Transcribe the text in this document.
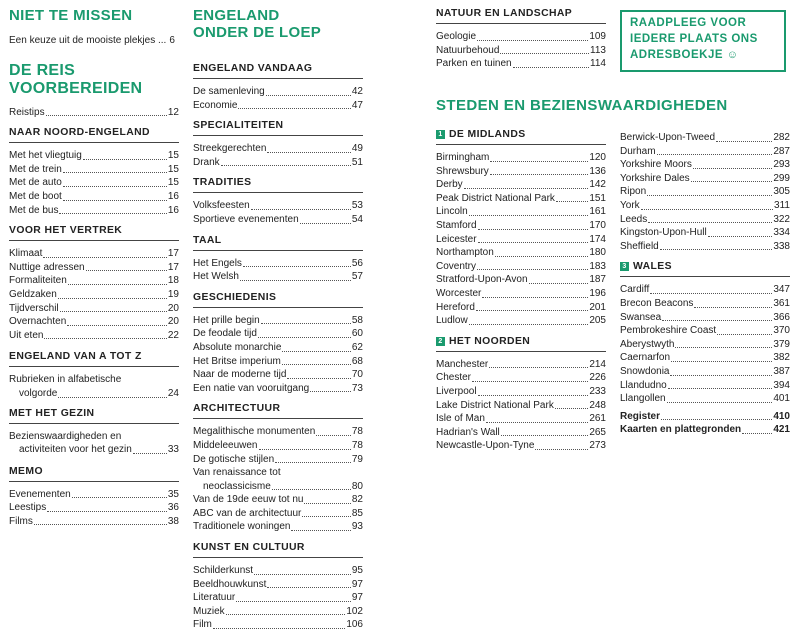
NIET TE MISSEN

Een keuze uit de mooiste plekjes ... 6

DE REIS

VOORBEREIDEN

Reistips	12

NAAR NOORD-ENGELAND

Met het vliegtuig	15
Met de trein	15
Met de auto	15
Met de boot	16
Met de bus	16

VOOR HET VERTREK

Klimaat	17
Nuttige adressen	17
Formaliteiten	18
Geldzaken	19
Tijdverschil	20
Overnachten	20
Uit eten	22

ENGELAND VAN A TOT Z

Rubrieken in alfabetische
volgorde	24

MET HET GEZIN

Bezienswaardigheden en
activiteiten voor het gezin	33

MEMO

Evenementen	35
Leestips	36
Films	38

ENGELAND

ONDER DE LOEP

ENGELAND VANDAAG

De samenleving	42
Economie	47

SPECIALITEITEN

Streekgerechten	49
Drank	51

TRADITIES

Volksfeesten	53
Sportieve evenementen	54

TAAL

Het Engels	56
Het Welsh	57

GESCHIEDENIS

Het prille begin	58
De feodale tijd	60
Absolute monarchie	62
Het Britse imperium	68
Naar de moderne tijd	70
Een natie van vooruitgang	73

ARCHITECTUUR

Megalithische monumenten	78
Middeleeuwen	78
De gotische stijlen	79
Van renaissance tot
neoclassicisme	80
Van de 19de eeuw tot nu	82
ABC van de architectuur	85
Traditionele woningen	93

KUNST EN CULTUUR

Schilderkunst	95
Beeldhouwkunst	97
Literatuur	97
Muziek	102
Film	106

NATUUR EN LANDSCHAP

Geologie	109
Natuurbehoud	113
Parken en tuinen	114
RAADPLEEG VOOR
IEDERE PLAATS ONS
ADRESBOEKJE ☺

STEDEN EN BEZIENSWAARDIGHEDEN

1 DE MIDLANDS

Birmingham	120
Shrewsbury	136
Derby	142
Peak District National Park	151
Lincoln	161
Stamford	170
Leicester	174
Northampton	180
Coventry	183
Stratford-Upon-Avon	187
Worcester	196
Hereford	201
Ludlow	205

2 HET NOORDEN

Manchester	214
Chester	226
Liverpool	233
Lake District National Park	248
Isle of Man	261
Hadrian's Wall	265
Newcastle-Upon-Tyne	273
Berwick-Upon-Tweed	282
Durham	287
Yorkshire Moors	293
Yorkshire Dales	299
Ripon	305
York	311
Leeds	322
Kingston-Upon-Hull	334
Sheffield	338

3 WALES

Cardiff	347
Brecon Beacons	361
Swansea	366
Pembrokeshire Coast	370
Aberystwyth	379
Caernarfon	382
Snowdonia	387
Llandudno	394
Llangollen	401
Register	410
Kaarten en plattegronden	421
